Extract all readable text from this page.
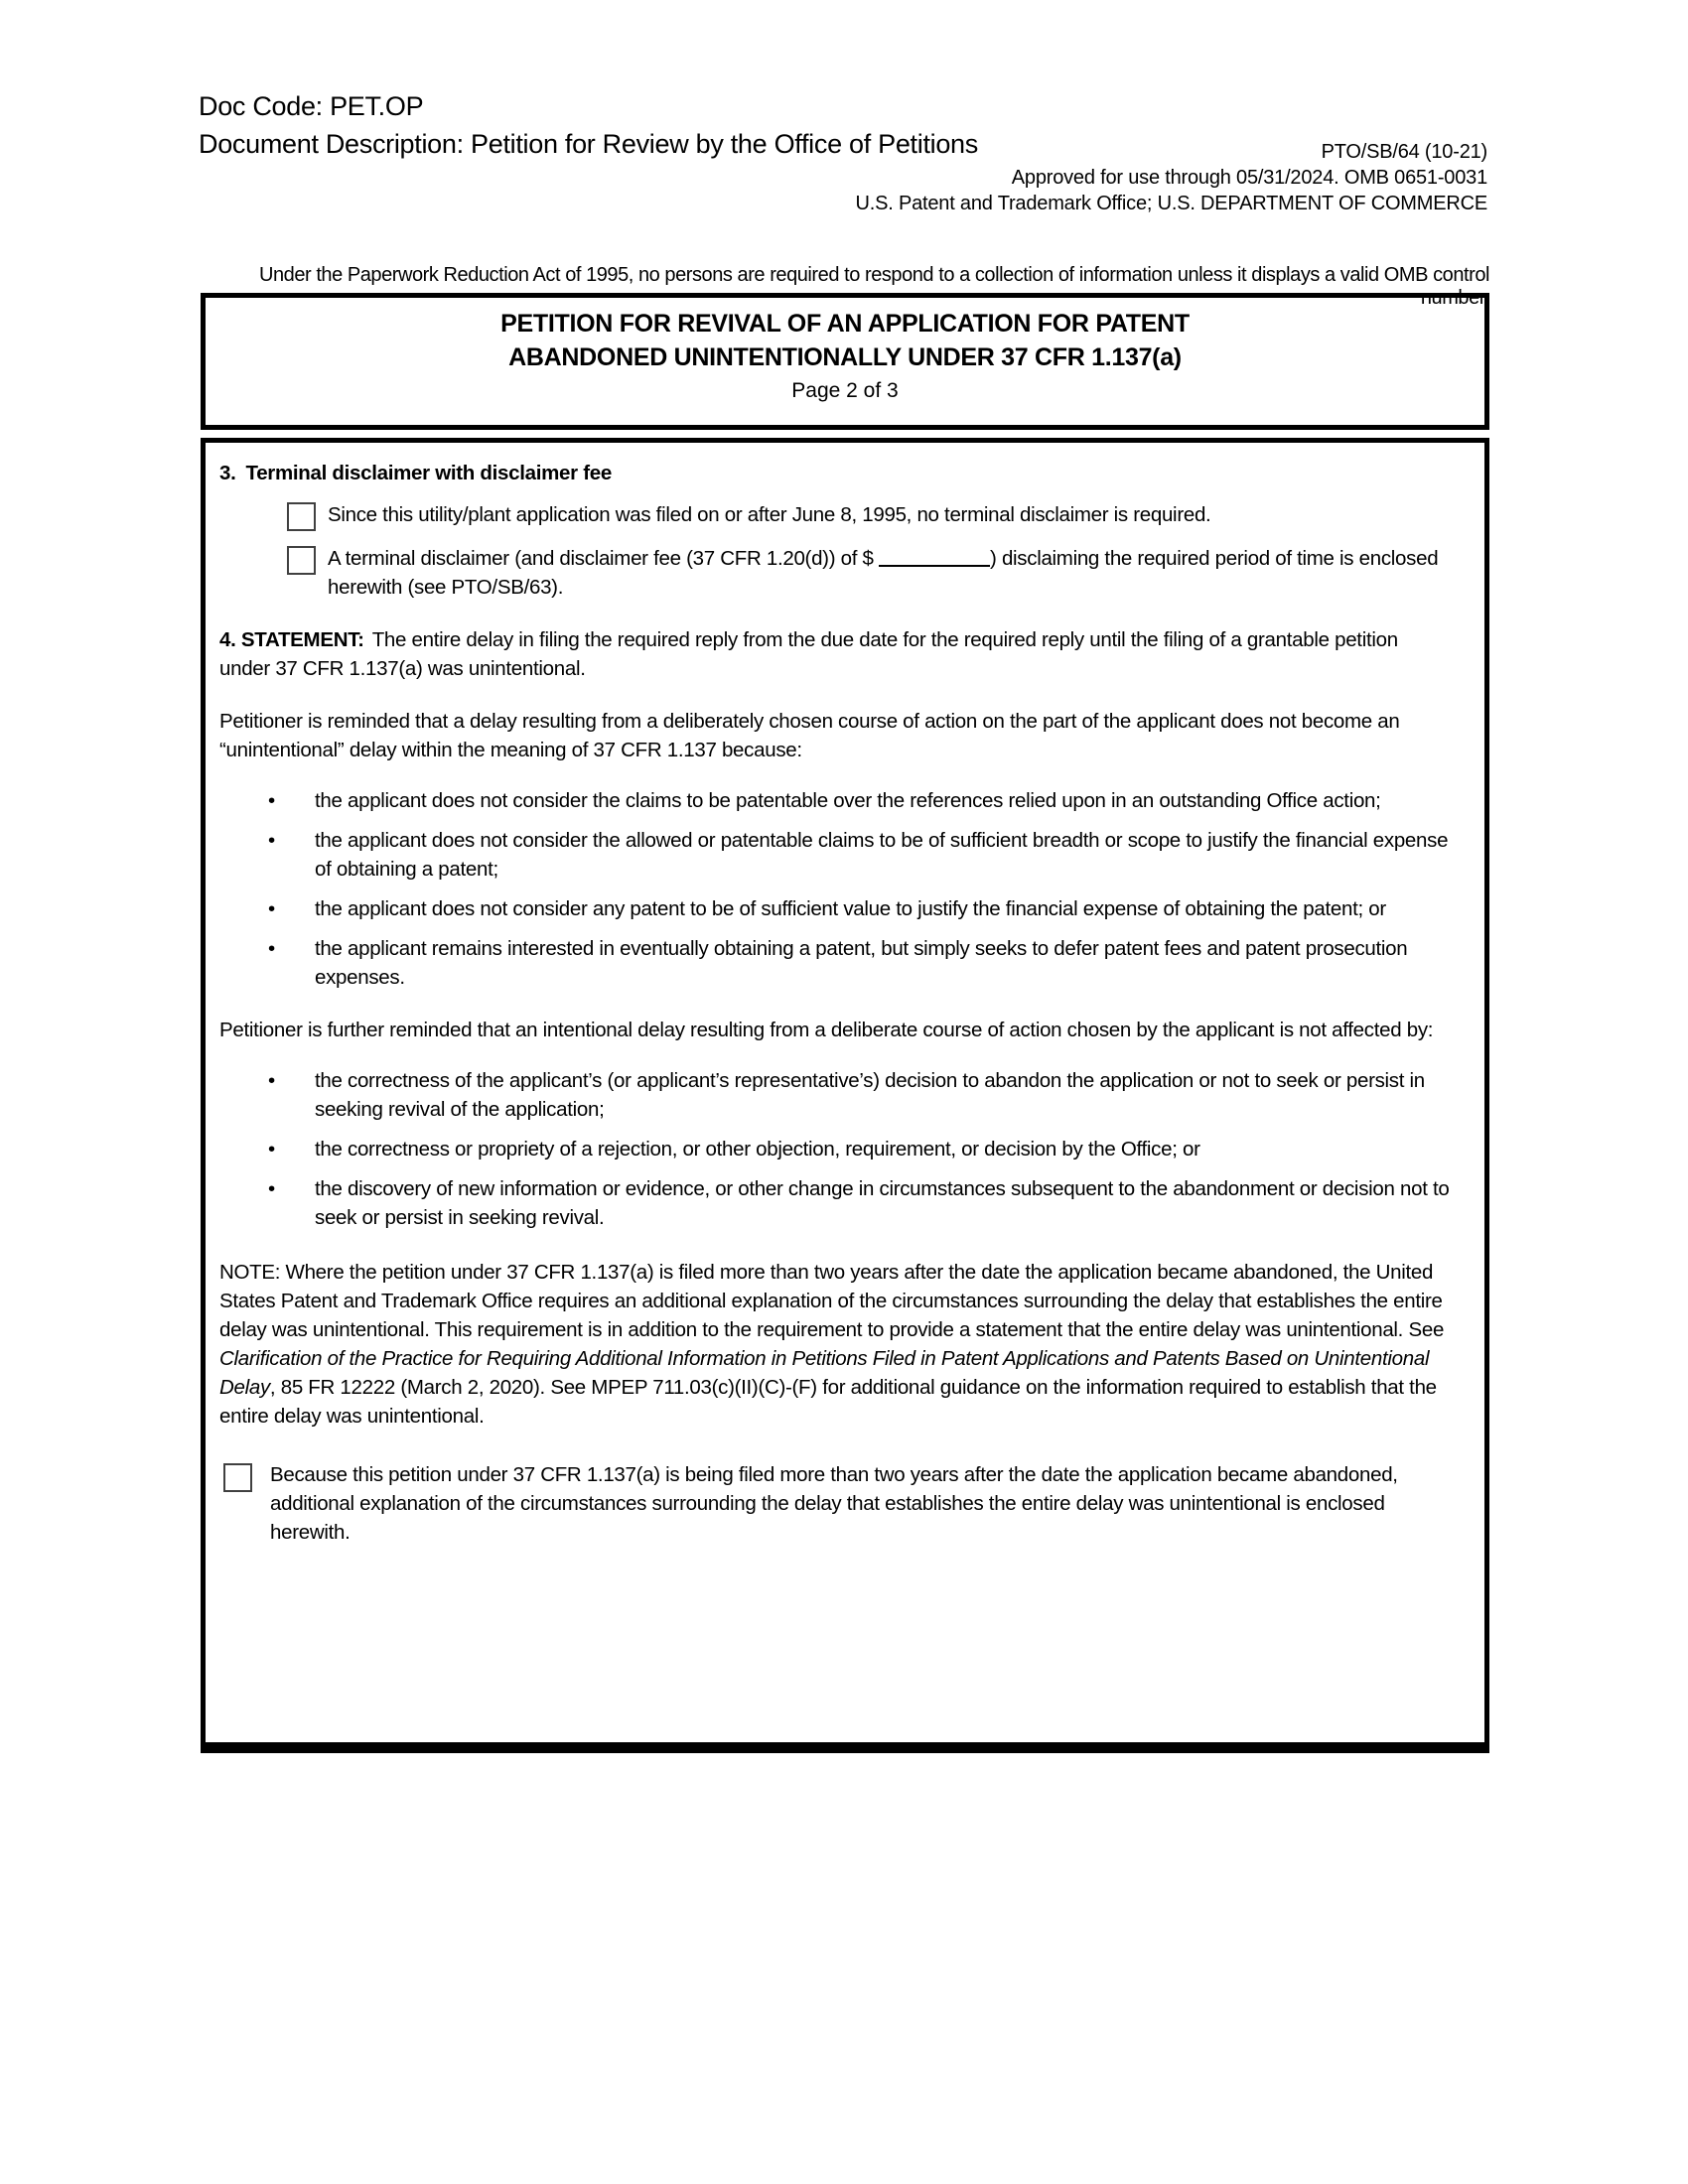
Doc Code: PET.OP
Document Description: Petition for Review by the Office of Petitions	PTO/SB/64 (10-21)
Approved for use through 05/31/2024. OMB 0651-0031
U.S. Patent and Trademark Office; U.S. DEPARTMENT OF COMMERCE
Under the Paperwork Reduction Act of 1995, no persons are required to respond to a collection of information unless it displays a valid OMB control number.
PETITION FOR REVIVAL OF AN APPLICATION FOR PATENT
ABANDONED UNINTENTIONALLY UNDER 37 CFR 1.137(a)
Page 2 of 3
3. Terminal disclaimer with disclaimer fee
Since this utility/plant application was filed on or after June 8, 1995, no terminal disclaimer is required.
A terminal disclaimer (and disclaimer fee (37 CFR 1.20(d)) of $	) disclaiming the required period of time is enclosed herewith (see PTO/SB/63).
4. STATEMENT: The entire delay in filing the required reply from the due date for the required reply until the filing of a grantable petition under 37 CFR 1.137(a) was unintentional.
Petitioner is reminded that a delay resulting from a deliberately chosen course of action on the part of the applicant does not become an “unintentional” delay within the meaning of 37 CFR 1.137 because:
• the applicant does not consider the claims to be patentable over the references relied upon in an outstanding Office action;
• the applicant does not consider the allowed or patentable claims to be of sufficient breadth or scope to justify the financial expense of obtaining a patent;
• the applicant does not consider any patent to be of sufficient value to justify the financial expense of obtaining the patent; or
• the applicant remains interested in eventually obtaining a patent, but simply seeks to defer patent fees and patent prosecution expenses.
Petitioner is further reminded that an intentional delay resulting from a deliberate course of action chosen by the applicant is not affected by:
• the correctness of the applicant’s (or applicant’s representative’s) decision to abandon the application or not to seek or persist in seeking revival of the application;
• the correctness or propriety of a rejection, or other objection, requirement, or decision by the Office; or
• the discovery of new information or evidence, or other change in circumstances subsequent to the abandonment or decision not to seek or persist in seeking revival.
NOTE: Where the petition under 37 CFR 1.137(a) is filed more than two years after the date the application became abandoned, the United States Patent and Trademark Office requires an additional explanation of the circumstances surrounding the delay that establishes the entire delay was unintentional. This requirement is in addition to the requirement to provide a statement that the entire delay was unintentional. See Clarification of the Practice for Requiring Additional Information in Petitions Filed in Patent Applications and Patents Based on Unintentional Delay, 85 FR 12222 (March 2, 2020). See MPEP 711.03(c)(II)(C)-(F) for additional guidance on the information required to establish that the entire delay was unintentional.
Because this petition under 37 CFR 1.137(a) is being filed more than two years after the date the application became abandoned, additional explanation of the circumstances surrounding the delay that establishes the entire delay was unintentional is enclosed herewith.
